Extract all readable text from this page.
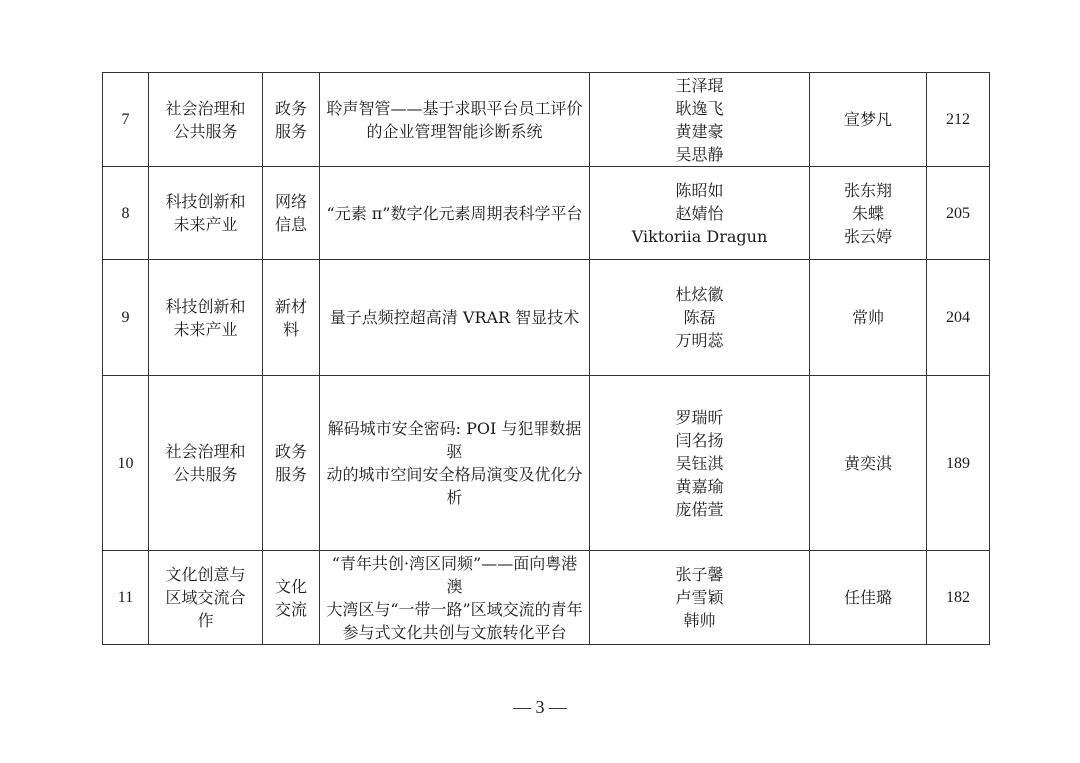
7	社会治理和
公共服务	政务
服务	聆声智管——基于求职平台员工评价
的企业管理智能诊断系统	王泽琨
耿逸飞
黄建豪
吴思静	宣梦凡	212

8	科技创新和
未来产业	网络
信息	“元素 π”数字化元素周期表科学平台	陈昭如
赵婧怡
Viktoriia Dragun	张东翔
朱蝶
张云婷	205

9	科技创新和
未来产业	新材
料	量子点频控超高清 VRAR 智显技术	杜炫徽
陈磊
万明蕊	常帅	204

10	社会治理和
公共服务	政务
服务	解码城市安全密码: POI 与犯罪数据驱
动的城市空间安全格局演变及优化分
析	罗瑞昕
闫名扬
吴钰淇
黄嘉瑜
庞偌萱	黄奕淇	189

11	文化创意与
区域交流合
作	文化
交流	“青年共创·湾区同频”——面向粤港澳
大湾区与“一带一路”区域交流的青年
参与式文化共创与文旅转化平台	张子馨
卢雪颖
韩帅	任佳璐	182
— 3 —
